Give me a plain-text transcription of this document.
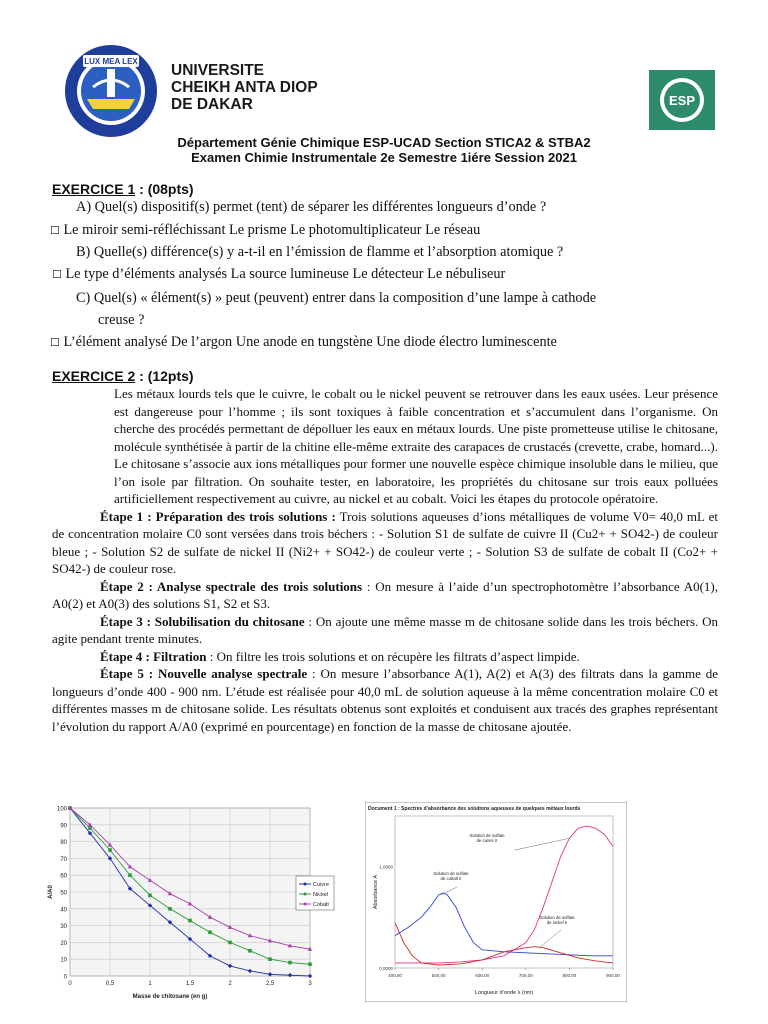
LUX MEA LEX
UNIVERSITE
CHEIKH ANTA DIOP
DE DAKAR	ESP
Département Génie Chimique ESP-UCAD Section STICA2 & STBA2
Examen Chimie Instrumentale 2e Semestre 1iére Session 2021
EXERCICE 1 : (08pts)
A) Quel(s) dispositif(s) permet (tent) de séparer les différentes longueurs d’onde ?
☐ Le miroir semi-réfléchissant Le prisme Le photomultiplicateur Le réseau
B) Quelle(s) différence(s) y a-t-il en l’émission de flamme et l’absorption atomique ?
☐ Le type d’éléments analysés La source lumineuse Le détecteur Le nébuliseur
C) Quel(s) « élément(s) » peut (peuvent) entrer dans la composition d’une lampe à cathode
creuse ?
☐ L’élément analysé De l’argon Une anode en tungstène Une diode électro luminescente
EXERCICE 2 : (12pts)
Les métaux lourds tels que le cuivre, le cobalt ou le nickel peuvent se retrouver dans les eaux usées. Leur présence est dangereuse pour l’homme ; ils sont toxiques à faible concentration et s’accumulent dans l’organisme. On cherche des procédés permettant de dépolluer les eaux en métaux lourds. Une piste prometteuse utilise le chitosane, molécule synthétisée à partir de la chitine elle-même extraite des carapaces de crustacés (crevette, crabe, homard...). Le chitosane s’associe aux ions métalliques pour former une nouvelle espèce chimique insoluble dans le milieu, que l’on isole par filtration. On souhaite tester, en laboratoire, les propriétés du chitosane sur trois eaux polluées artificiellement respectivement au cuivre, au nickel et au cobalt. Voici les étapes du protocole opératoire.
Étape 1 : Préparation des trois solutions : Trois solutions aqueuses d’ions métalliques de volume V0= 40,0 mL et de concentration molaire C0 sont versées dans trois béchers : - Solution S1 de sulfate de cuivre II (Cu2+ + SO42-) de couleur bleue ; - Solution S2 de sulfate de nickel II (Ni2+ + SO42-) de couleur verte ; - Solution S3 de sulfate de cobalt II (Co2+ + SO42-) de couleur rose.
Étape 2 : Analyse spectrale des trois solutions : On mesure à l’aide d’un spectrophotomètre l’absorbance A0(1), A0(2) et A0(3) des solutions S1, S2 et S3.
Étape 3 : Solubilisation du chitosane : On ajoute une même masse m de chitosane solide dans les trois béchers. On agite pendant trente minutes.
Étape 4 : Filtration : On filtre les trois solutions et on récupère les filtrats d’aspect limpide.
Étape 5 : Nouvelle analyse spectrale : On mesure l’absorbance A(1), A(2) et A(3) des filtrats dans la gamme de longueurs d’onde 400 - 900 nm. L’étude est réalisée pour 40,0 mL de solution aqueuse à la même concentration molaire C0 et différentes masses m de chitosane solide. Les résultats obtenus sont exploités et conduisent aux tracés des graphes représentant l’évolution du rapport A/A0 (exprimé en pourcentage) en fonction de la masse de chitosane ajoutée.
0
10
20
30
40
50
60
70
80
90
100
0	0,5	1	1,5	2	2,5	3
Masse de chitosane (en g)
A/A0
Cuivre
Nickel
Cobalt
Document 1 : Spectres d’absorbance des solutions aqueuses de quelques métaux lourds
400,00	500,00	600,00	700,00	800,00	900,00
0,0000
1,0000
Longueur d’onde λ (nm)
Absorbance A
Solution de sulfate
de cuivre II
Solution de sulfate
de cobalt II
Solution de sulfate
de nickel II
